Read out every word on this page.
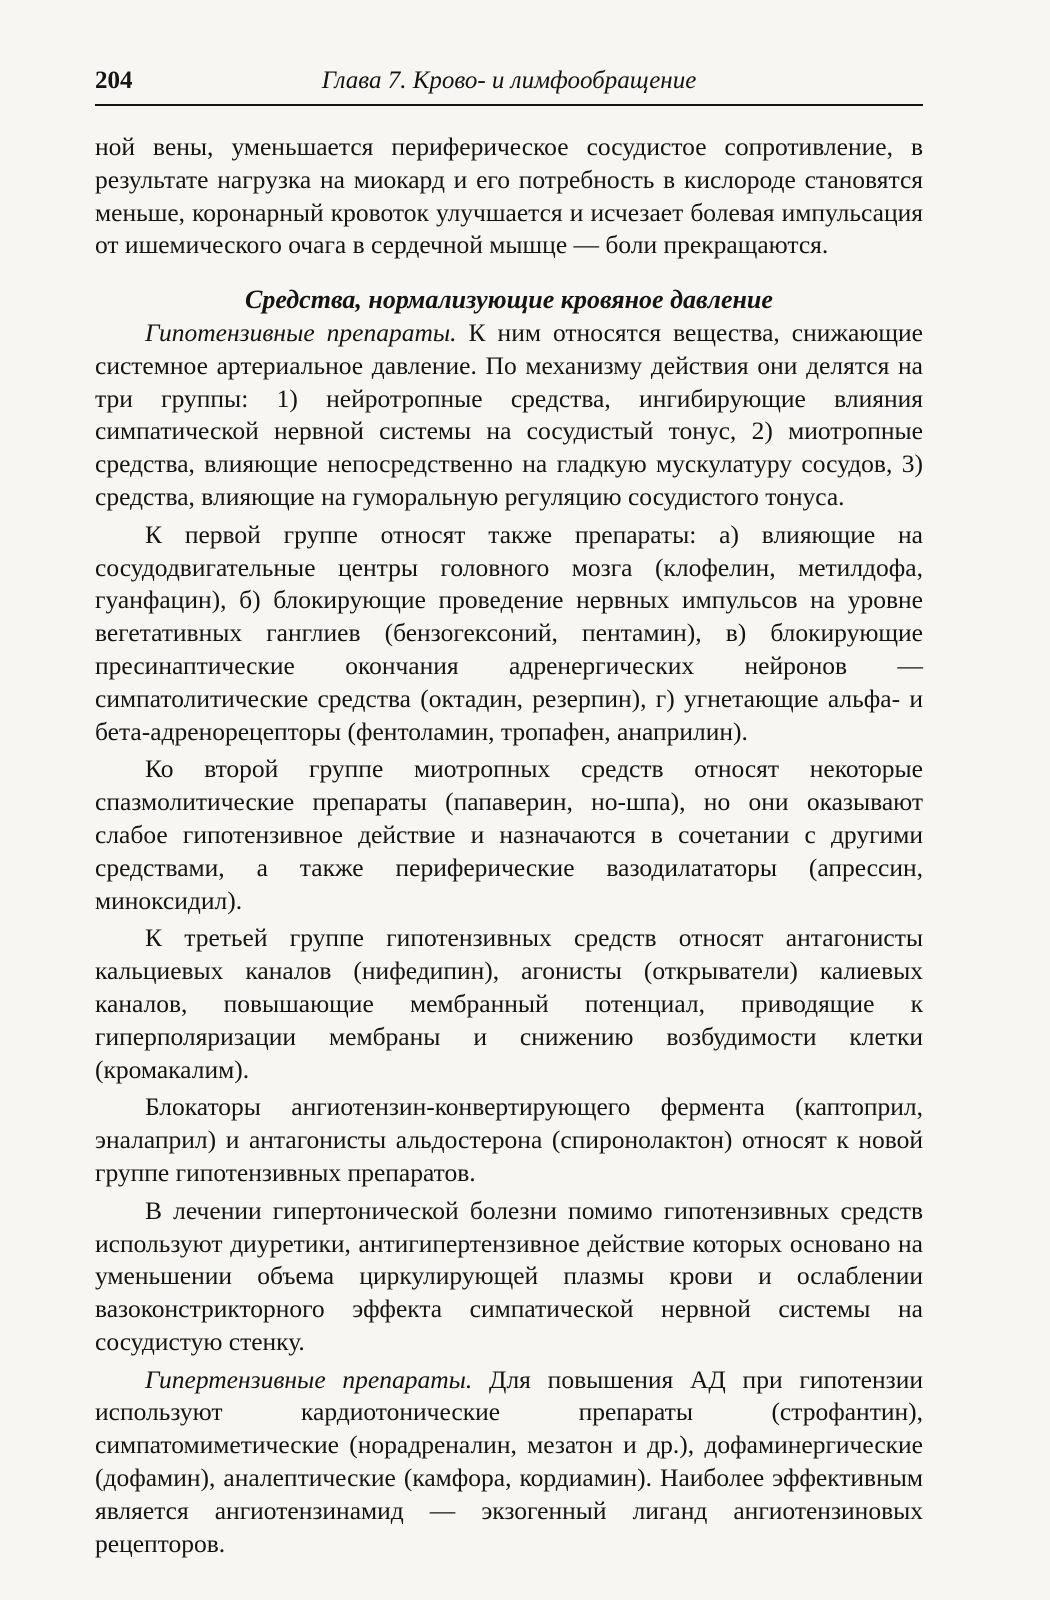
204	Глава 7. Крово- и лимфообращение

ной вены, уменьшается периферическое сосудистое сопротивление, в результате нагрузка на миокард и его потребность в кислороде становятся меньше, коронарный кровоток улучшается и исчезает болевая импульсация от ишемического очага в сердечной мышце — боли прекращаются.

Средства, нормализующие кровяное давление

Гипотензивные препараты. К ним относятся вещества, снижающие системное артериальное давление. По механизму действия они делятся на три группы: 1) нейротропные средства, ингибирующие влияния симпатической нервной системы на сосудистый тонус, 2) миотропные средства, влияющие непосредственно на гладкую мускулатуру сосудов, 3) средства, влияющие на гуморальную регуляцию сосудистого тонуса.

К первой группе относят также препараты: а) влияющие на сосудодвигательные центры головного мозга (клофелин, метилдофа, гуанфацин), б) блокирующие проведение нервных импульсов на уровне вегетативных ганглиев (бензогексоний, пентамин), в) блокирующие пресинаптические окончания адренергических нейронов — симпатолитические средства (октадин, резерпин), г) угнетающие альфа- и бета-адренорецепторы (фентоламин, тропафен, анаприлин).

Ко второй группе миотропных средств относят некоторые спазмолитические препараты (папаверин, но-шпа), но они оказывают слабое гипотензивное действие и назначаются в сочетании с другими средствами, а также периферические вазодилататоры (апрессин, миноксидил).

К третьей группе гипотензивных средств относят антагонисты кальциевых каналов (нифедипин), агонисты (открыватели) калиевых каналов, повышающие мембранный потенциал, приводящие к гиперполяризации мембраны и снижению возбудимости клетки (кромакалим).

Блокаторы ангиотензин-конвертирующего фермента (каптоприл, эналаприл) и антагонисты альдостерона (спиронолактон) относят к новой группе гипотензивных препаратов.

В лечении гипертонической болезни помимо гипотензивных средств используют диуретики, антигипертензивное действие которых основано на уменьшении объема циркулирующей плазмы крови и ослаблении вазоконстрикторного эффекта симпатической нервной системы на сосудистую стенку.

Гипертензивные препараты. Для повышения АД при гипотензии используют кардиотонические препараты (строфантин), симпатомиметические (норадреналин, мезатон и др.), дофаминергические (дофамин), аналептические (камфора, кордиамин). Наиболее эффективным является ангиотензинамид — экзогенный лиганд ангиотензиновых рецепторов.
